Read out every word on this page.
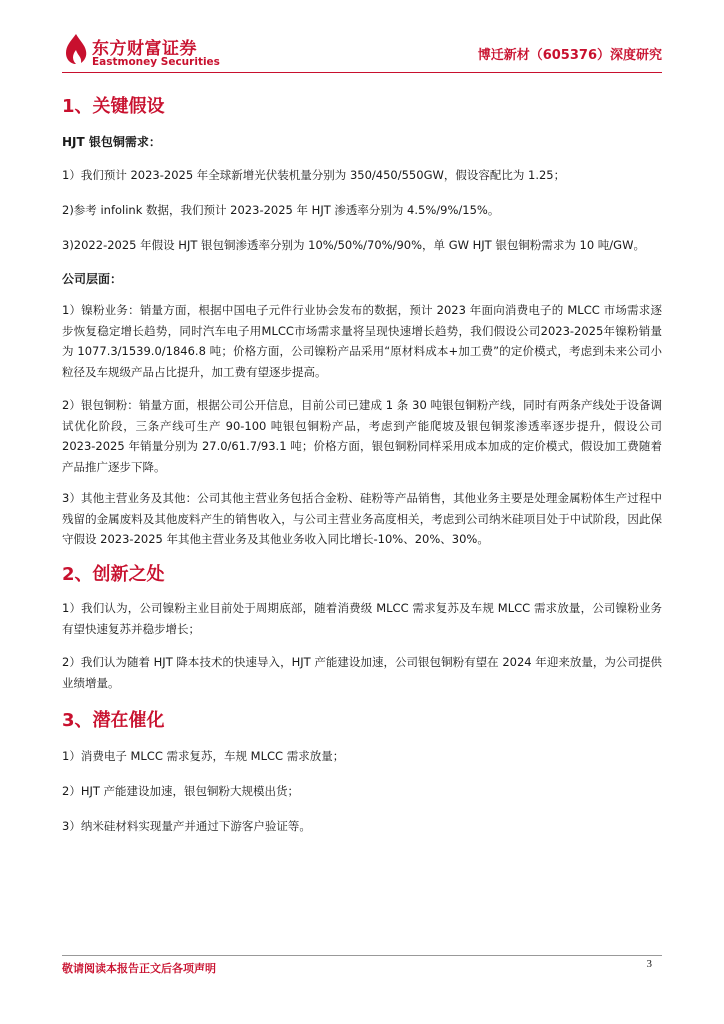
东方财富证券
Eastmoney Securities	博迁新材（605376）深度研究
1、关键假设
HJT 银包铜需求：

1）我们预计 2023-2025 年全球新增光伏装机量分别为 350/450/550GW，假设容配比为 1.25；

2)参考 infolink 数据，我们预计 2023-2025 年 HJT 渗透率分别为 4.5%/9%/15%。

3)2022-2025 年假设 HJT 银包铜渗透率分别为 10%/50%/70%/90%，单 GW HJT 银包铜粉需求为 10 吨/GW。

公司层面：

1）镍粉业务：销量方面，根据中国电子元件行业协会发布的数据，预计 2023 年面向消费电子的 MLCC 市场需求逐步恢复稳定增长趋势，同时汽车电子用MLCC市场需求量将呈现快速增长趋势，我们假设公司2023-2025年镍粉销量为 1077.3/1539.0/1846.8 吨；价格方面，公司镍粉产品采用“原材料成本+加工费”的定价模式，考虑到未来公司小粒径及车规级产品占比提升，加工费有望逐步提高。

2）银包铜粉：销量方面，根据公司公开信息，目前公司已建成 1 条 30 吨银包铜粉产线，同时有两条产线处于设备调试优化阶段，三条产线可生产 90-100 吨银包铜粉产品，考虑到产能爬坡及银包铜浆渗透率逐步提升，假设公司 2023-2025 年销量分别为 27.0/61.7/93.1 吨；价格方面，银包铜粉同样采用成本加成的定价模式，假设加工费随着产品推广逐步下降。

3）其他主营业务及其他：公司其他主营业务包括合金粉、硅粉等产品销售，其他业务主要是处理金属粉体生产过程中残留的金属废料及其他废料产生的销售收入，与公司主营业务高度相关，考虑到公司纳米硅项目处于中试阶段，因此保守假设 2023-2025 年其他主营业务及其他业务收入同比增长-10%、20%、30%。

2、创新之处

1）我们认为，公司镍粉主业目前处于周期底部，随着消费级 MLCC 需求复苏及车规 MLCC 需求放量，公司镍粉业务有望快速复苏并稳步增长；

2）我们认为随着 HJT 降本技术的快速导入，HJT 产能建设加速，公司银包铜粉有望在 2024 年迎来放量，为公司提供业绩增量。

3、潜在催化

1）消费电子 MLCC 需求复苏，车规 MLCC 需求放量；

2）HJT 产能建设加速，银包铜粉大规模出货；

3）纳米硅材料实现量产并通过下游客户验证等。

敬请阅读本报告正文后各项声明	3
